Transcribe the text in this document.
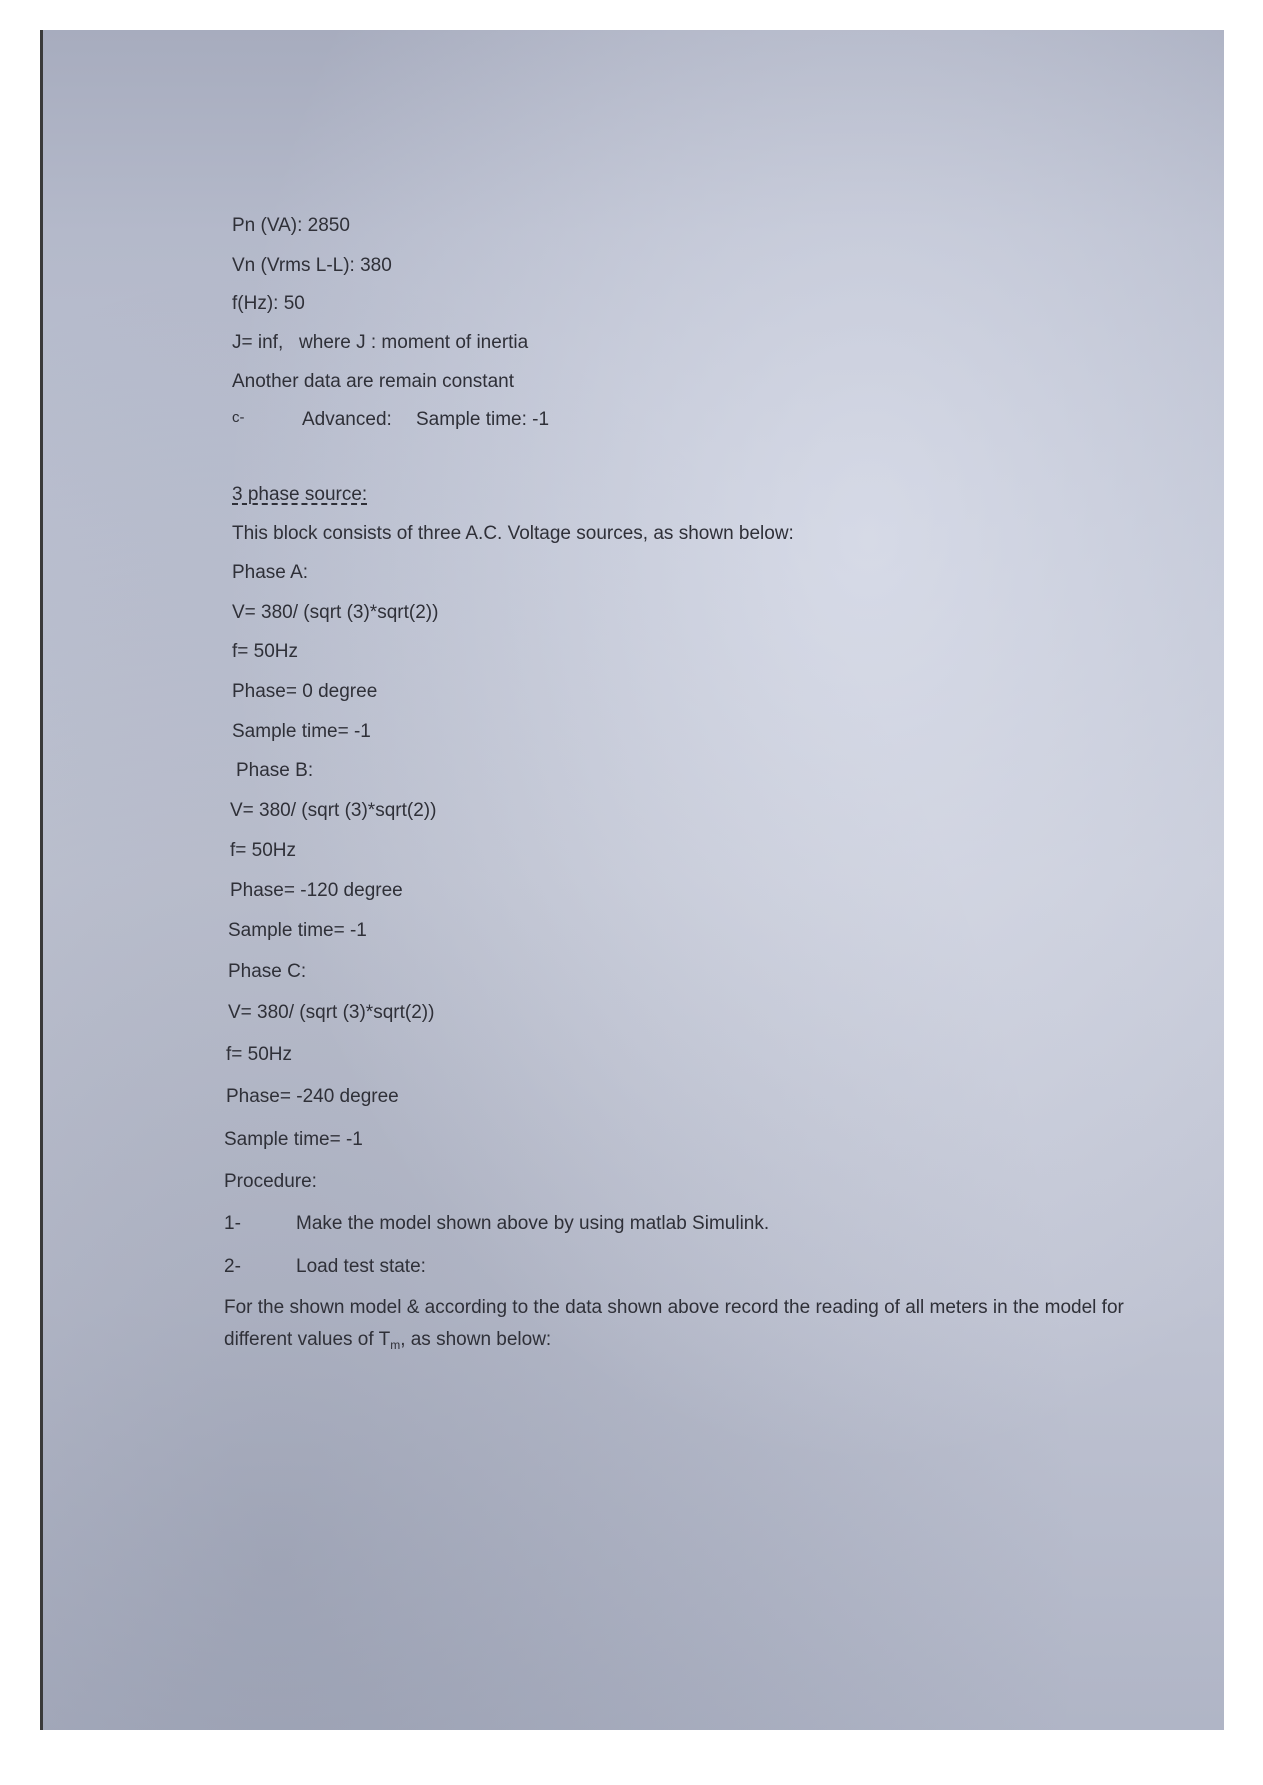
Pn (VA): 2850
Vn (Vrms L-L): 380
f(Hz): 50
J= inf,   where J : moment of inertia
Another data are remain constant
c-	Advanced: Sample time: -1
3 phase source:
This block consists of three A.C. Voltage sources, as shown below:
Phase A:
V= 380/ (sqrt (3)*sqrt(2))
f= 50Hz
Phase= 0 degree
Sample time= -1
Phase B:
V= 380/ (sqrt (3)*sqrt(2))
f= 50Hz
Phase= -120 degree
Sample time= -1
Phase C:
V= 380/ (sqrt (3)*sqrt(2))
f= 50Hz
Phase= -240 degree
Sample time= -1
Procedure:
1-	Make the model shown above by using matlab Simulink.
2-	Load test state:
For the shown model & according to the data shown above record the reading of all meters in the model for different values of $T_m$, as shown below:
